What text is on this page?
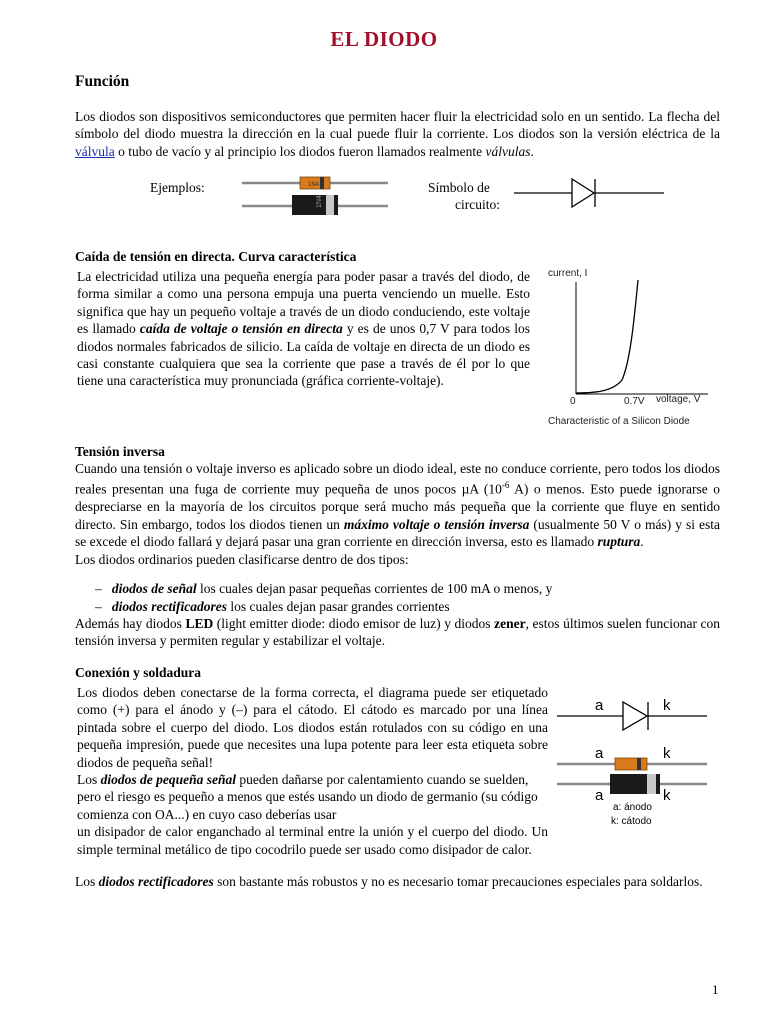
EL DIODO
Función
Los diodos son dispositivos semiconductores que permiten hacer fluir la electricidad solo en un sentido. La flecha del símbolo del diodo muestra la dirección en la cual puede fluir la corriente. Los diodos son la versión eléctrica de la válvula o tubo de vacío y al principio los diodos fueron llamados realmente válvulas.
Ejemplos:	1N4
1N4
Símbolo de
circuito:
Caída de tensión en directa. Curva característica
La electricidad utiliza una pequeña energía para poder pasar a través del diodo, de forma similar a como una persona empuja una puerta venciendo un muelle. Esto significa que hay un pequeño voltaje a través de un diodo conduciendo, este voltaje es llamado caída de voltaje o tensión en directa y es de unos 0,7 V para todos los diodos normales fabricados de silicio. La caída de voltaje en directa de un diodo es casi constante cualquiera que sea la corriente que pase a través de él por lo que tiene una característica muy pronunciada (gráfica corriente-voltaje).
current, I
0	0.7V voltage, V
Characteristic of a Silicon Diode
Tensión inversa

Cuando una tensión o voltaje inverso es aplicado sobre un diodo ideal, este no conduce corriente, pero todos los diodos reales presentan una fuga de corriente muy pequeña de unos pocos µA ($10^{-6}$ A) o menos. Esto puede ignorarse o despreciarse en la mayoría de los circuitos porque será mucho más pequeña que la corriente que fluye en sentido directo. Sin embargo, todos los diodos tienen un máximo voltaje o tensión inversa (usualmente 50 V o más) y si esta se excede el diodo fallará y dejará pasar una gran corriente en dirección inversa, esto es llamado ruptura.

Los diodos ordinarios pueden clasificarse dentro de dos tipos:

– diodos de señal los cuales dejan pasar pequeñas corrientes de 100 mA o menos, y
– diodos rectificadores los cuales dejan pasar grandes corrientes
Además hay diodos LED (light emitter diode: diodo emisor de luz) y diodos zener, estos últimos suelen funcionar con tensión inversa y permiten regular y estabilizar el voltaje.
Conexión y soldadura

Los diodos deben conectarse de la forma correcta, el diagrama puede ser etiquetado como (+) para el ánodo y (–) para el cátodo. El cátodo es marcado por una línea pintada sobre el cuerpo del diodo. Los diodos están rotulados con su código en una pequeña impresión, puede que necesites una lupa potente para leer esta etiqueta sobre diodos de pequeña señal!

Los diodos de pequeña señal pueden dañarse por calentamiento cuando se suelden, pero el riesgo es pequeño a menos que estés usando un diodo de germanio (su código comienza con OA...) en cuyo caso deberías usar

un disipador de calor enganchado al terminal entre la unión y el cuerpo del diodo. Un simple terminal metálico de tipo cocodrilo puede ser usado como disipador de calor.

a	k
a	k
a	k
a: ánodo
k: cátodo
Los diodos rectificadores son bastante más robustos y no es necesario tomar precauciones especiales para soldarlos.
1
